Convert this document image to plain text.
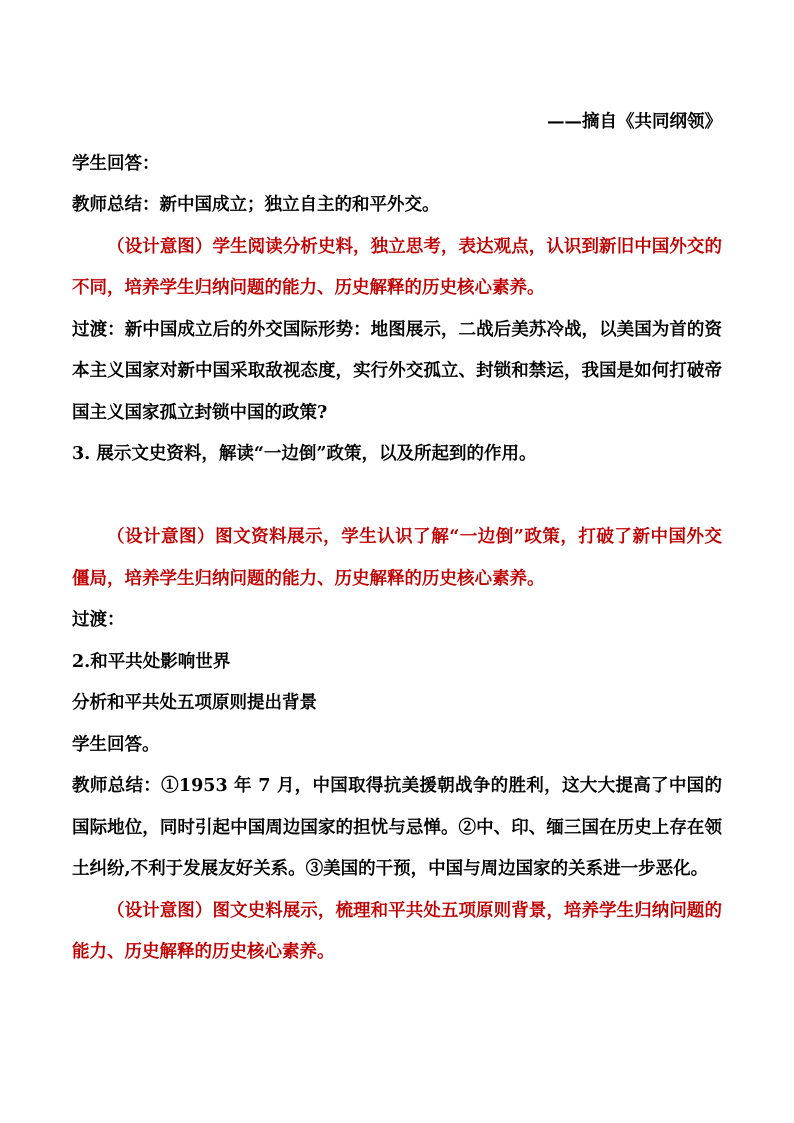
——摘自《共同纲领》

学生回答：

教师总结：新中国成立；独立自主的和平外交。

（设计意图）学生阅读分析史料，独立思考，表达观点，认识到新旧中国外交的不同，培养学生归纳问题的能力、历史解释的历史核心素养。

过渡：新中国成立后的外交国际形势：地图展示，二战后美苏冷战，以美国为首的资本主义国家对新中国采取敌视态度，实行外交孤立、封锁和禁运，我国是如何打破帝国主义国家孤立封锁中国的政策?

3. 展示文史资料，解读“一边倒”政策，以及所起到的作用。

（设计意图）图文资料展示，学生认识了解“一边倒”政策，打破了新中国外交僵局，培养学生归纳问题的能力、历史解释的历史核心素养。

过渡：

2.和平共处影响世界

分析和平共处五项原则提出背景

学生回答。

教师总结：①1953 年 7 月，中国取得抗美援朝战争的胜利，这大大提高了中国的国际地位，同时引起中国周边国家的担忧与忌惮。②中、印、缅三国在历史上存在领土纠纷,不利于发展友好关系。③美国的干预，中国与周边国家的关系进一步恶化。

（设计意图）图文史料展示，梳理和平共处五项原则背景，培养学生归纳问题的能力、历史解释的历史核心素养。
